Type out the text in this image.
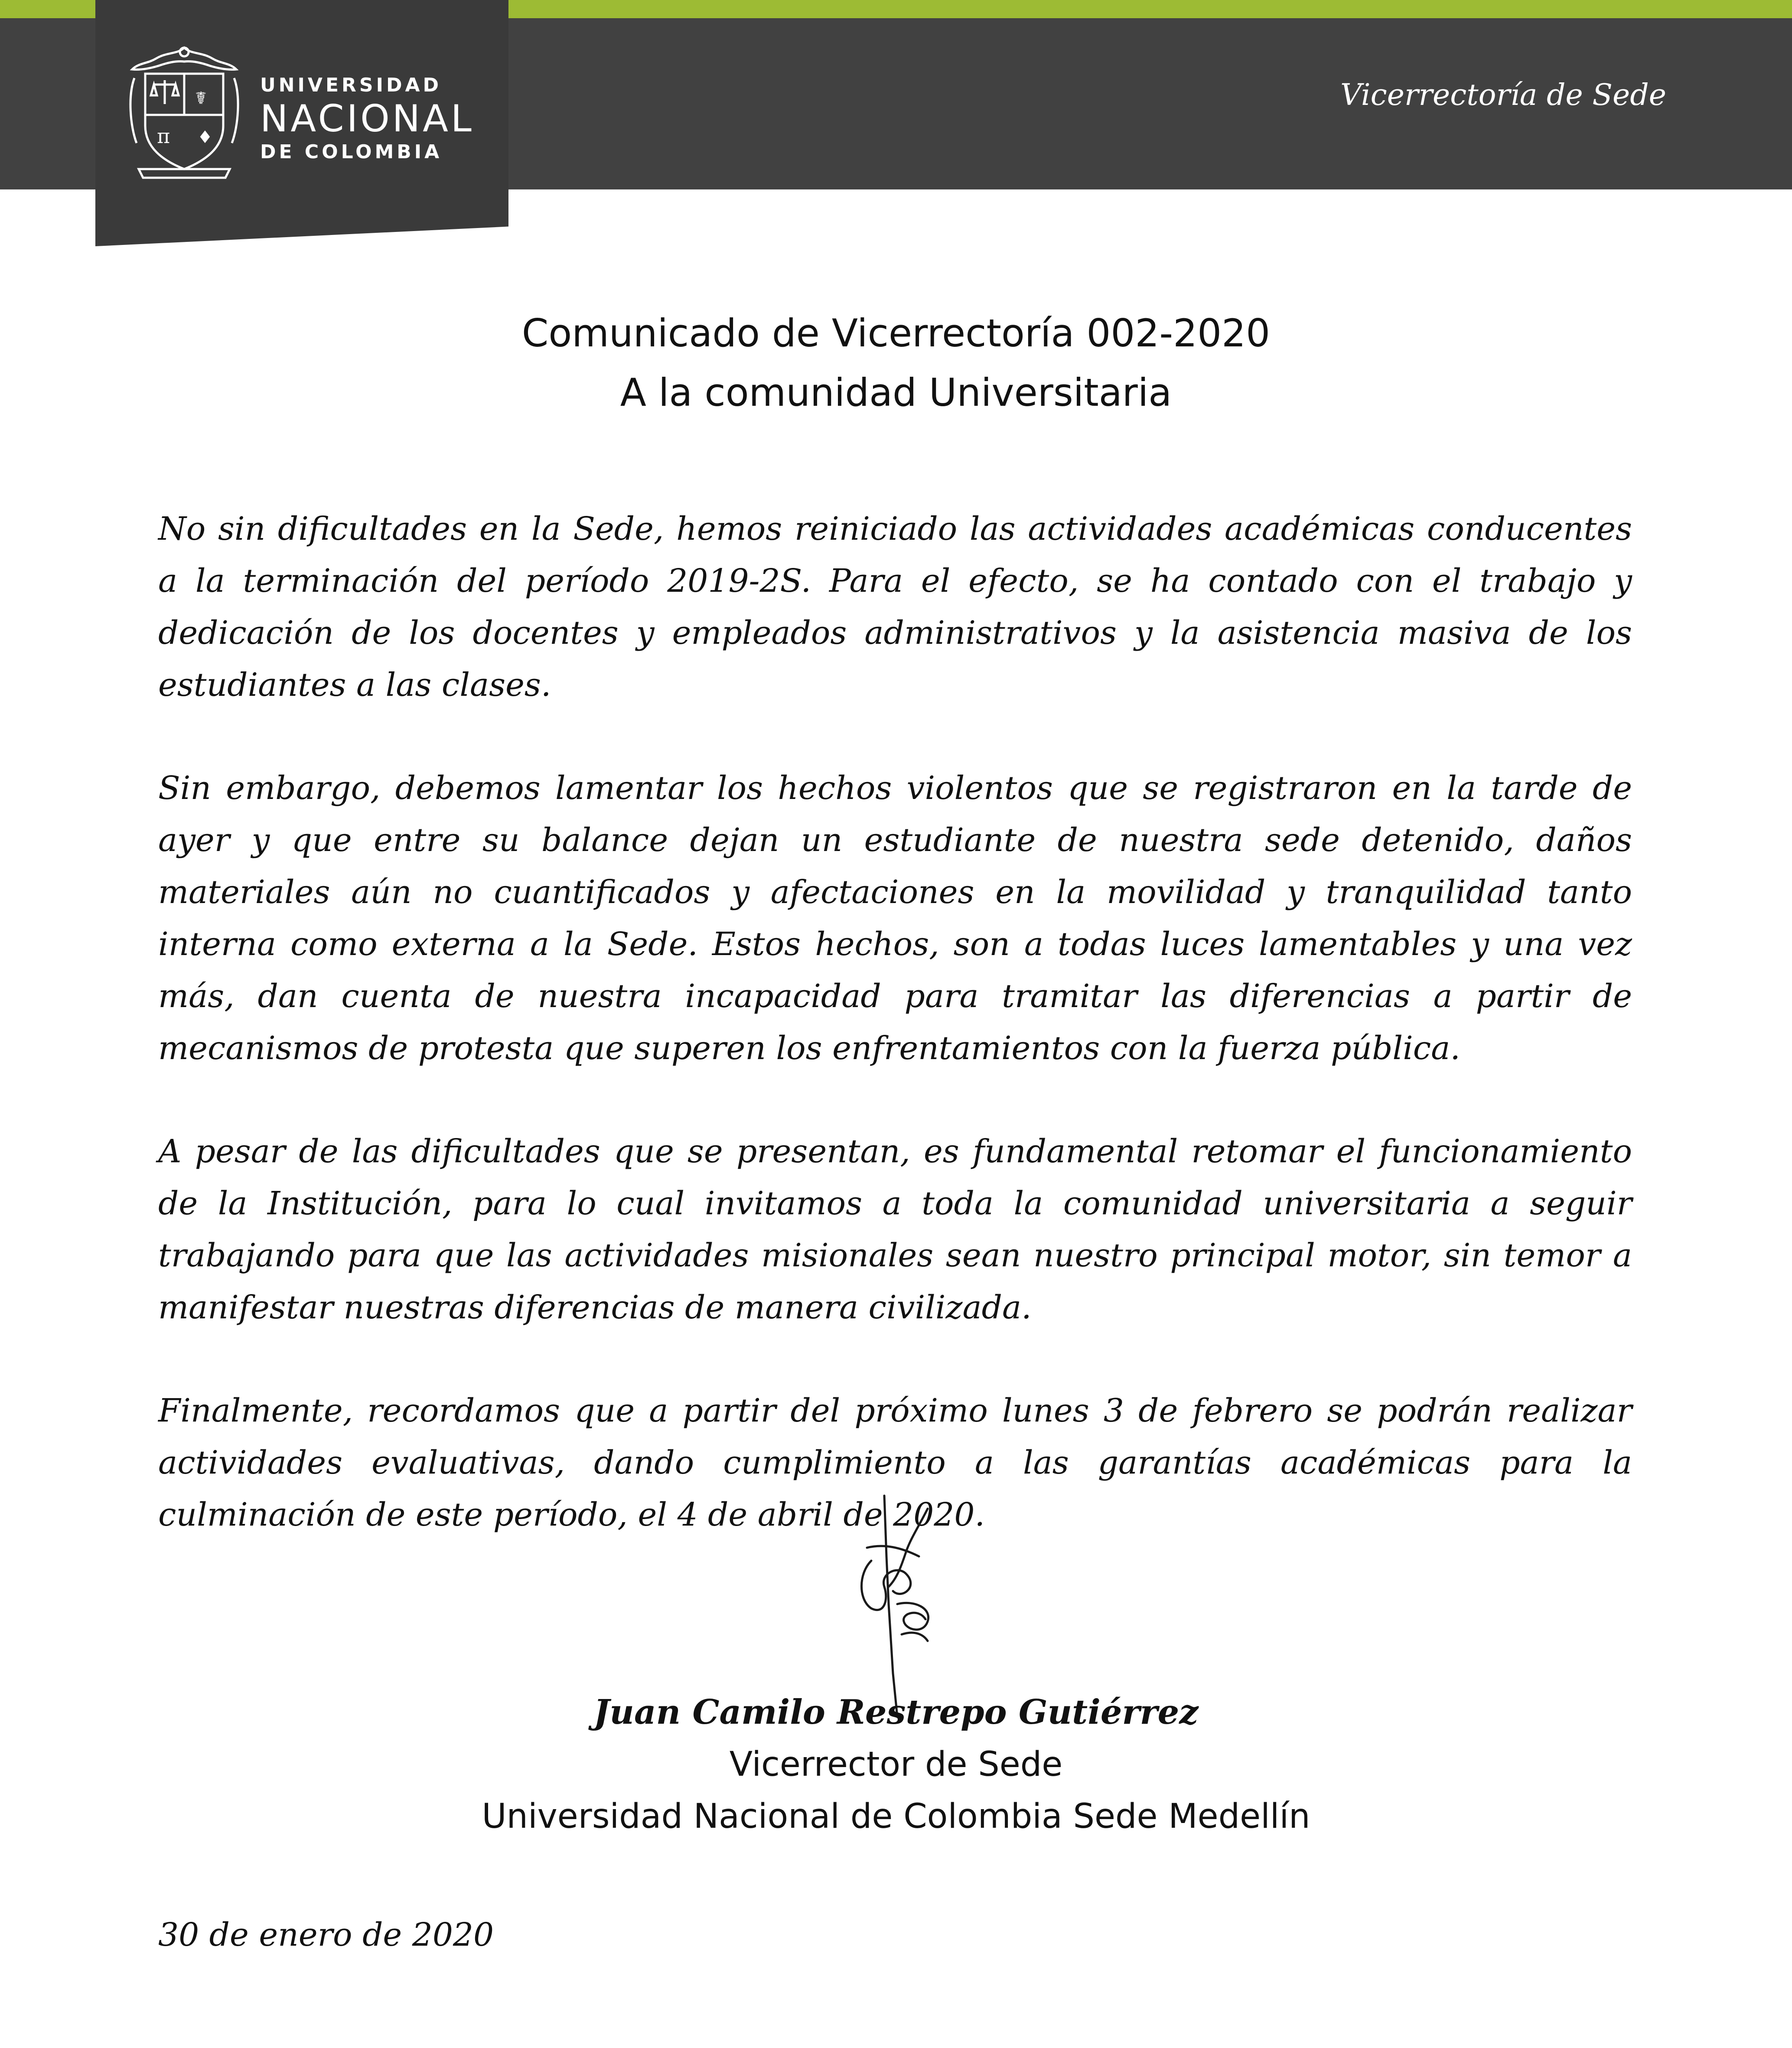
π
☤
♦
UNIVERSIDAD
NACIONAL
DE COLOMBIA
Vicerrectoría de Sede
Comunicado de Vicerrectoría 002-2020
A la comunidad Universitaria

No sin dificultades en la Sede, hemos reiniciado las actividades académicas conducentes a la terminación del período 2019-2S. Para el efecto, se ha contado con el trabajo y dedicación de los docentes y empleados administrativos y la asistencia masiva de los estudiantes a las clases.

Sin embargo, debemos lamentar los hechos violentos que se registraron en la tarde de ayer y que entre su balance dejan un estudiante de nuestra sede detenido, daños materiales aún no cuantificados y afectaciones en la movilidad y tranquilidad tanto interna como externa a la Sede. Estos hechos, son a todas luces lamentables y una vez más, dan cuenta de nuestra incapacidad para tramitar las diferencias a partir de mecanismos de protesta que superen los enfrentamientos con la fuerza pública.

A pesar de las dificultades que se presentan, es fundamental retomar el funcionamiento de la Institución, para lo cual invitamos a toda la comunidad universitaria a seguir trabajando para que las actividades misionales sean nuestro principal motor, sin temor a manifestar nuestras diferencias de manera civilizada.

Finalmente, recordamos que a partir del próximo lunes 3 de febrero se podrán realizar actividades evaluativas, dando cumplimiento a las garantías académicas para la culminación de este período, el 4 de abril de 2020.

Juan Camilo Restrepo Gutiérrez
Vicerrector de Sede
Universidad Nacional de Colombia Sede Medellín
30 de enero de 2020
